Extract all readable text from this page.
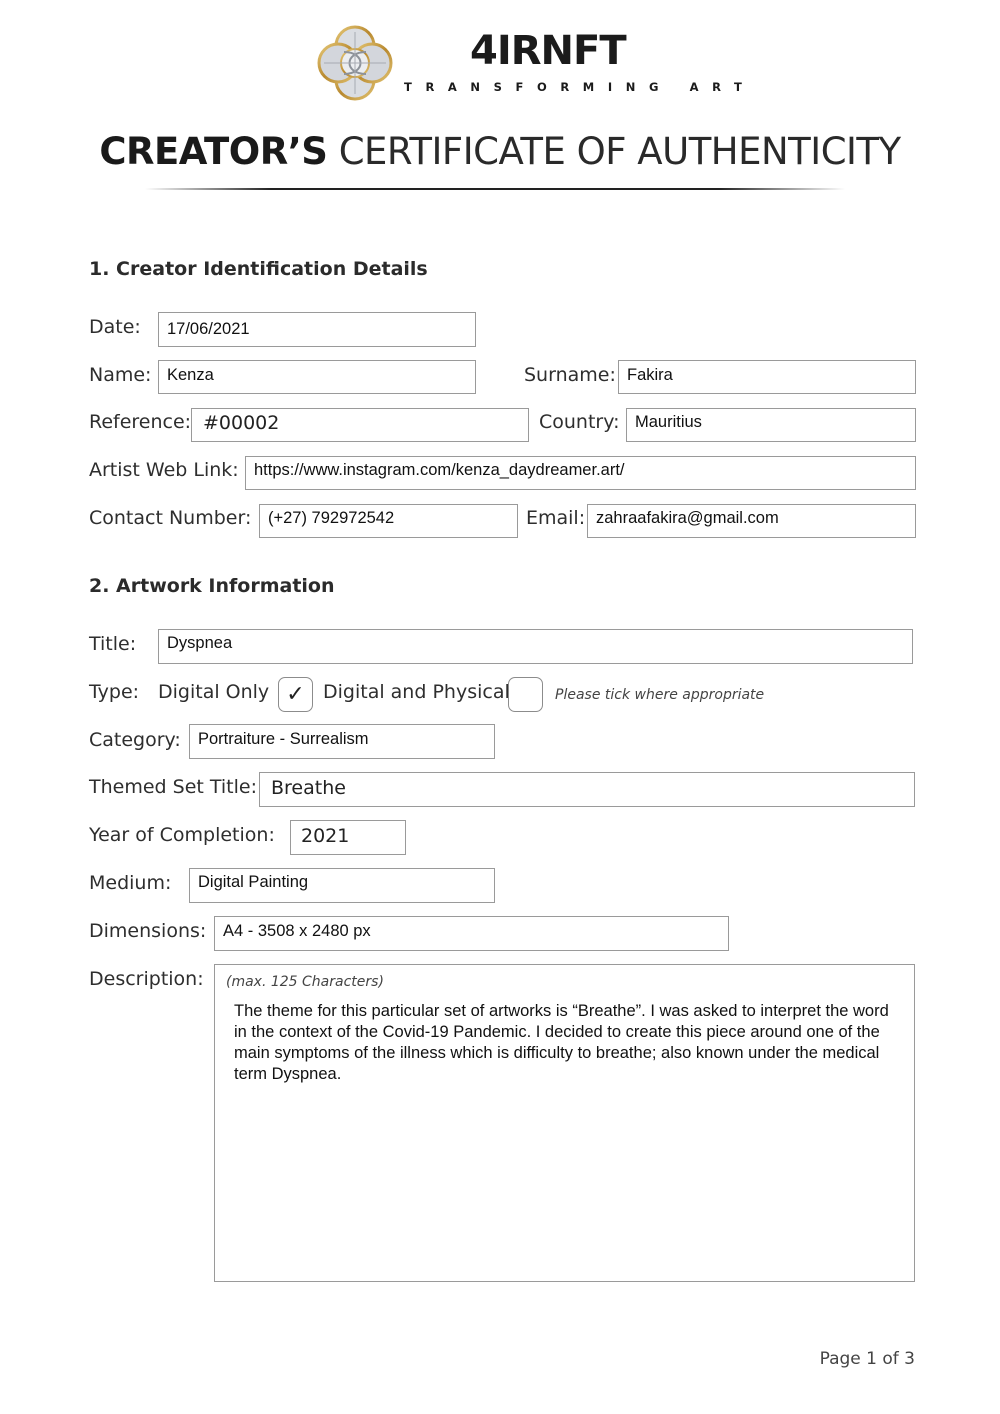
4IRNFT
TRANSFORMING ART
CREATOR’S CERTIFICATE OF AUTHENTICITY
1. Creator Identification Details
Date:	17/06/2021
Name: Kenza	Surname: Fakira
Reference: #00002	Country: Mauritius
Artist Web Link: https://www.instagram.com/kenza_daydreamer.art/
Contact Number:	(+27) 792972542	Email: zahraafakira@gmail.com
2. Artwork Information
Title:	Dyspnea
Type: Digital Only ✓ Digital and Physical	Please tick where appropriate
Category:	Portraiture - Surrealism
Themed Set Title: Breathe
Year of Completion:	2021
Medium:	Digital Painting
Dimensions:	A4 - 3508 x 2480 px
Description: (max. 125 Characters)
The theme for this particular set of artworks is “Breathe”. I was asked to interpret the word in the context of the Covid-19 Pandemic. I decided to create this piece around one of the main symptoms of the illness which is difficulty to breathe; also known under the medical term Dyspnea.
Page 1 of 3
